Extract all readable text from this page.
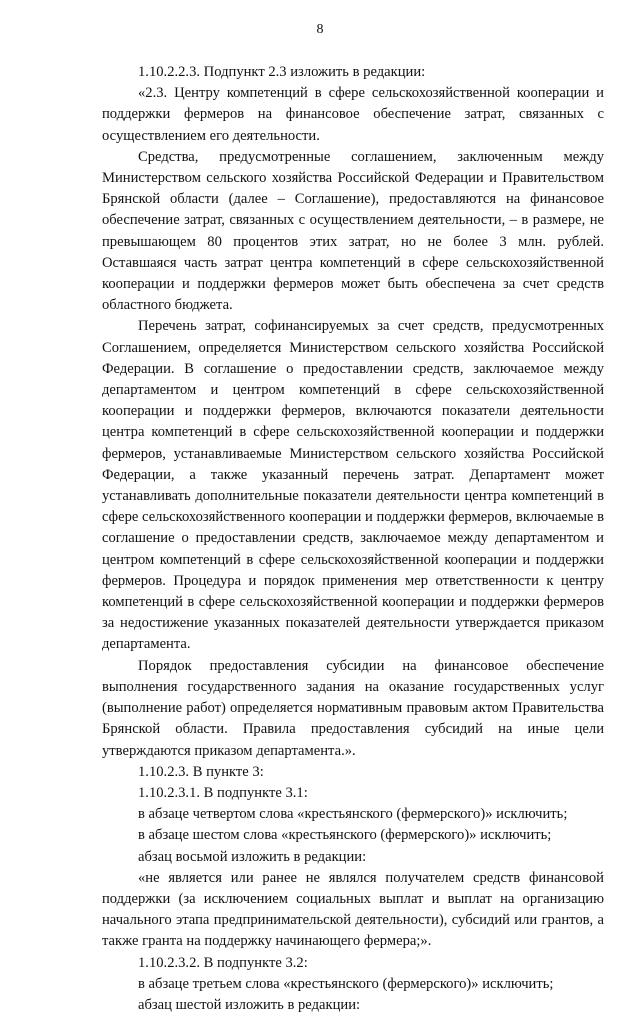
8

1.10.2.2.3. Подпункт 2.3 изложить в редакции:

«2.3. Центру компетенций в сфере сельскохозяйственной кооперации и поддержки фермеров на финансовое обеспечение затрат, связанных с осуществлением его деятельности.

Средства, предусмотренные соглашением, заключенным между Министерством сельского хозяйства Российской Федерации и Правительством Брянской области (далее – Соглашение), предоставляются на финансовое обеспечение затрат, связанных с осуществлением деятельности, – в размере, не превышающем 80 процентов этих затрат, но не более 3 млн. рублей. Оставшаяся часть затрат центра компетенций в сфере сельскохозяйственной кооперации и поддержки фермеров может быть обеспечена за счет средств областного бюджета.

Перечень затрат, софинансируемых за счет средств, предусмотренных Соглашением, определяется Министерством сельского хозяйства Российской Федерации. В соглашение о предоставлении средств, заключаемое между департаментом и центром компетенций в сфере сельскохозяйственной кооперации и поддержки фермеров, включаются показатели деятельности центра компетенций в сфере сельскохозяйственной кооперации и поддержки фермеров, устанавливаемые Министерством сельского хозяйства Российской Федерации, а также указанный перечень затрат. Департамент может устанавливать дополнительные показатели деятельности центра компетенций в сфере сельскохозяйственного кооперации и поддержки фермеров, включаемые в соглашение о предоставлении средств, заключаемое между департаментом и центром компетенций в сфере сельскохозяйственной кооперации и поддержки фермеров. Процедура и порядок применения мер ответственности к центру компетенций в сфере сельскохозяйственной кооперации и поддержки фермеров за недостижение указанных показателей деятельности утверждается приказом департамента.

Порядок предоставления субсидии на финансовое обеспечение выполнения государственного задания на оказание государственных услуг (выполнение работ) определяется нормативным правовым актом Правительства Брянской области. Правила предоставления субсидий на иные цели утверждаются приказом департамента.».

1.10.2.3. В пункте 3:

1.10.2.3.1. В подпункте 3.1:

в абзаце четвертом слова «крестьянского (фермерского)» исключить;

в абзаце шестом слова «крестьянского (фермерского)» исключить;

абзац восьмой изложить в редакции:

«не является или ранее не являлся получателем средств финансовой поддержки (за исключением социальных выплат и выплат на организацию начального этапа предпринимательской деятельности), субсидий или грантов, а также гранта на поддержку начинающего фермера;».

1.10.2.3.2. В подпункте 3.2:

в абзаце третьем слова «крестьянского (фермерского)» исключить;

абзац шестой изложить в редакции:
